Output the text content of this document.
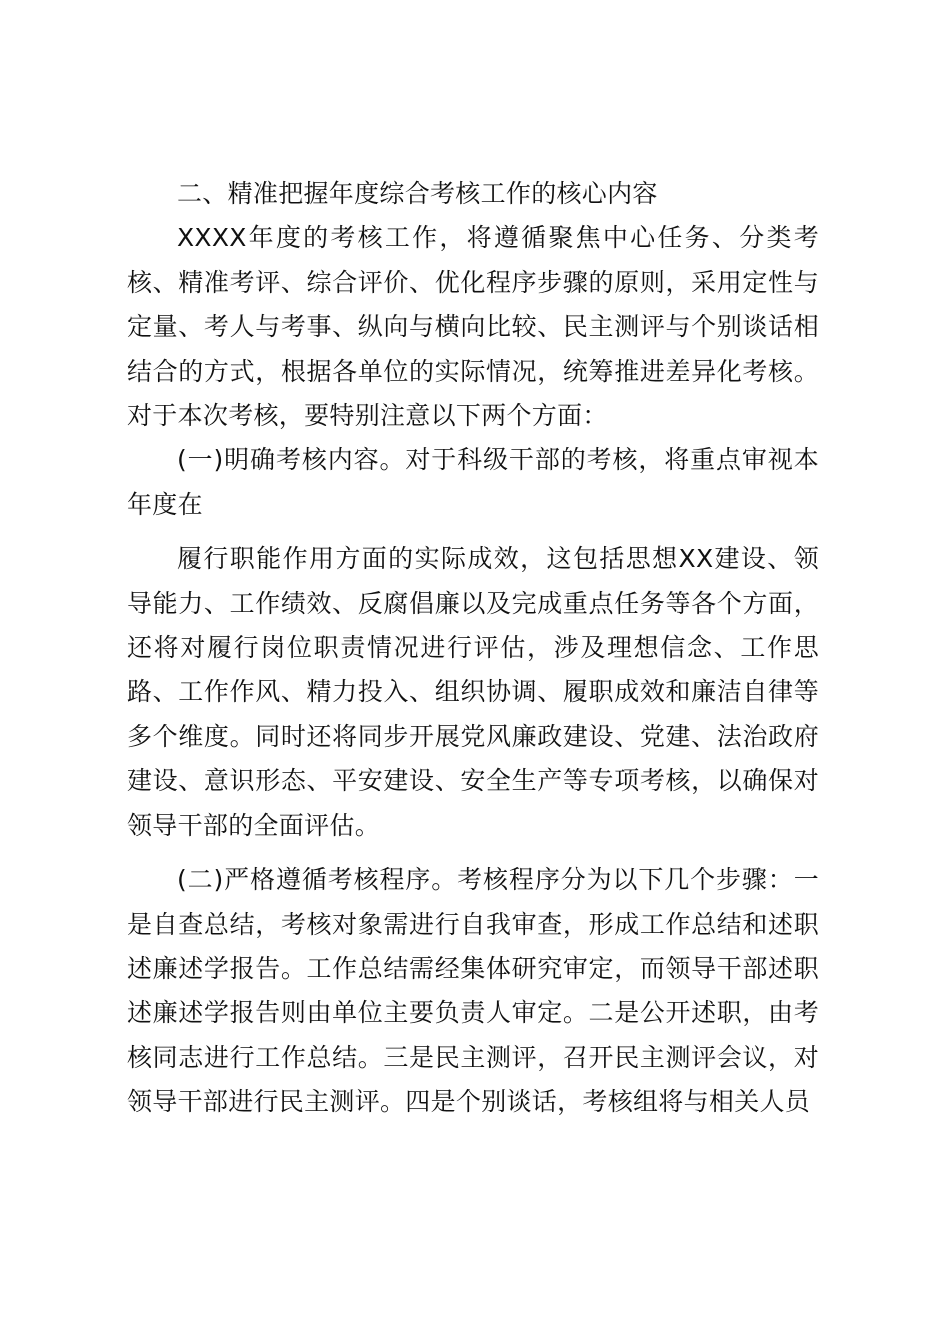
二、精准把握年度综合考核工作的核心内容

XXXX年度的考核工作，将遵循聚焦中心任务、分类考核、精准考评、综合评价、优化程序步骤的原则，采用定性与定量、考人与考事、纵向与横向比较、民主测评与个别谈话相结合的方式，根据各单位的实际情况，统筹推进差异化考核。对于本次考核，要特别注意以下两个方面：

(一)明确考核内容。对于科级干部的考核，将重点审视本年度在

履行职能作用方面的实际成效，这包括思想XX建设、领导能力、工作绩效、反腐倡廉以及完成重点任务等各个方面，还将对履行岗位职责情况进行评估，涉及理想信念、工作思路、工作作风、精力投入、组织协调、履职成效和廉洁自律等多个维度。同时还将同步开展党风廉政建设、党建、法治政府建设、意识形态、平安建设、安全生产等专项考核，以确保对领导干部的全面评估。

(二)严格遵循考核程序。考核程序分为以下几个步骤：一是自查总结，考核对象需进行自我审查，形成工作总结和述职述廉述学报告。工作总结需经集体研究审定，而领导干部述职述廉述学报告则由单位主要负责人审定。二是公开述职，由考核同志进行工作总结。三是民主测评，召开民主测评会议，对领导干部进行民主测评。四是个别谈话，考核组将与相关人员
